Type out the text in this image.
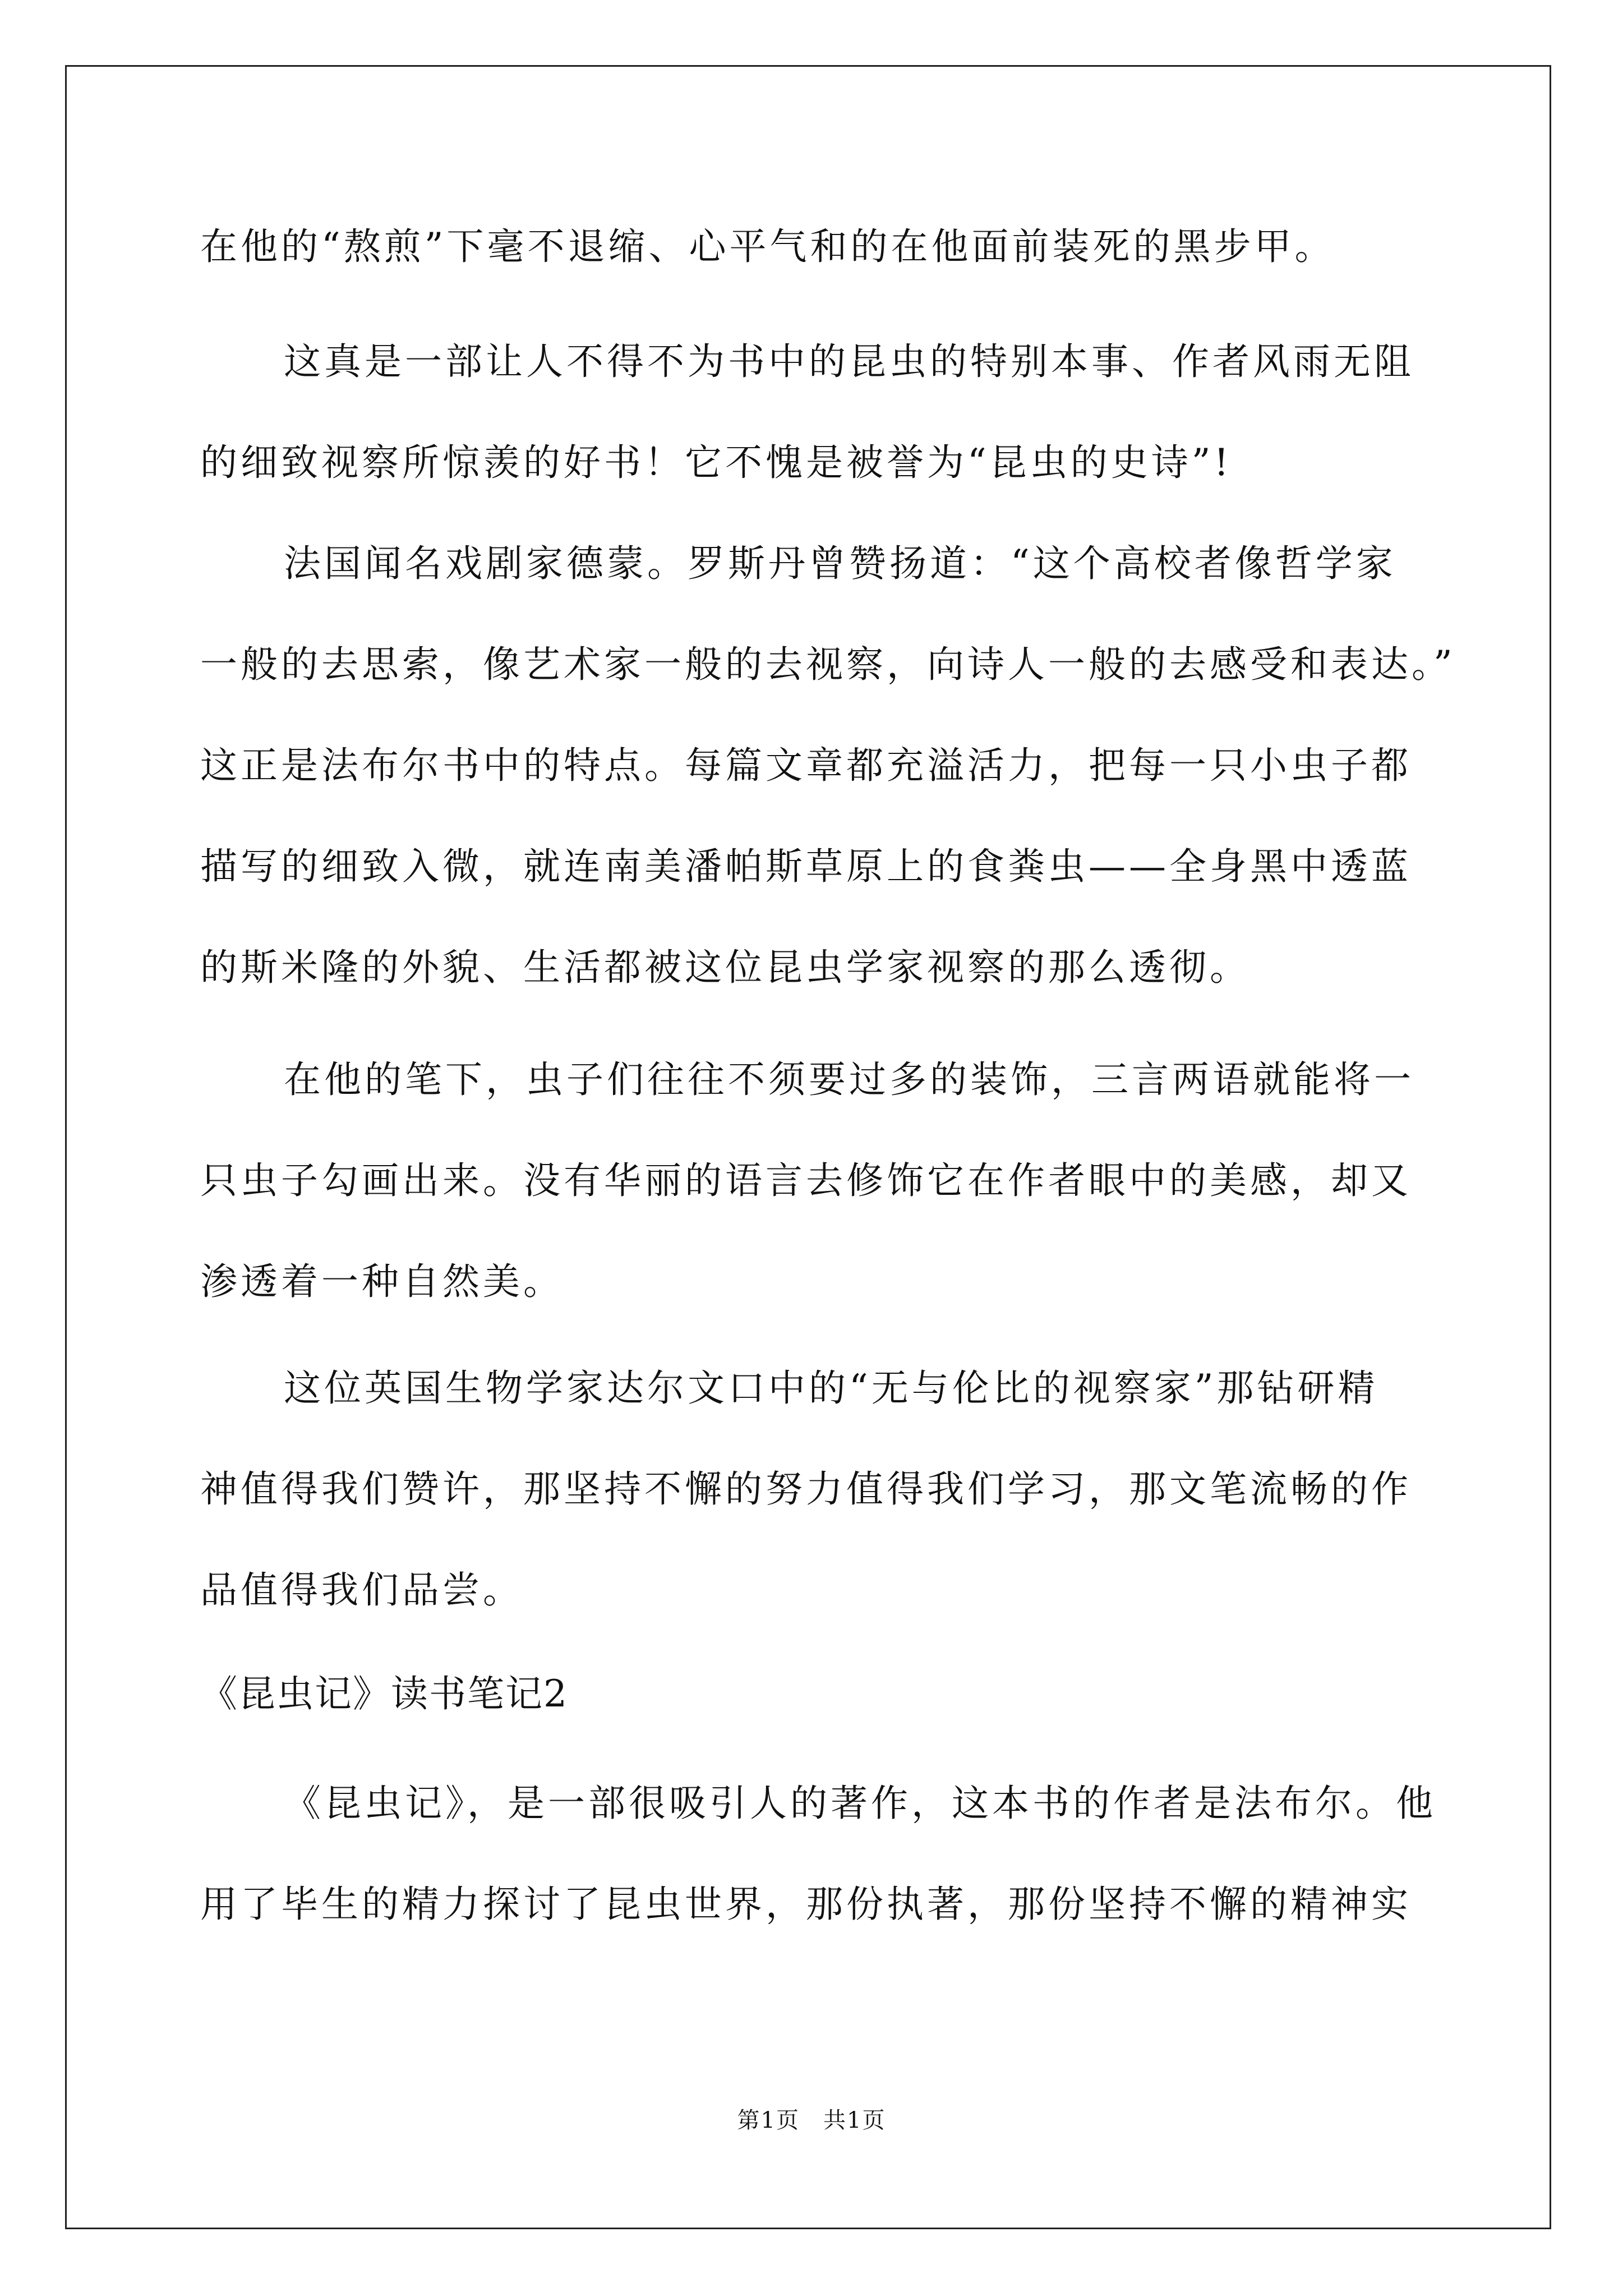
在他的“熬煎”下毫不退缩、心平气和的在他面前装死的黑步甲。
这真是一部让人不得不为书中的昆虫的特别本事、作者风雨无阻
的细致视察所惊羡的好书！它不愧是被誉为“昆虫的史诗”!
法国闻名戏剧家德蒙。罗斯丹曾赞扬道：“这个高校者像哲学家
一般的去思索，像艺术家一般的去视察，向诗人一般的去感受和表达。”
这正是法布尔书中的特点。每篇文章都充溢活力，把每一只小虫子都
描写的细致入微，就连南美潘帕斯草原上的食粪虫——全身黑中透蓝
的斯米隆的外貌、生活都被这位昆虫学家视察的那么透彻。
在他的笔下，虫子们往往不须要过多的装饰，三言两语就能将一
只虫子勾画出来。没有华丽的语言去修饰它在作者眼中的美感，却又
渗透着一种自然美。
这位英国生物学家达尔文口中的“无与伦比的视察家”那钻研精
神值得我们赞许，那坚持不懈的努力值得我们学习，那文笔流畅的作
品值得我们品尝。
《昆虫记》读书笔记2
《昆虫记》，是一部很吸引人的著作，这本书的作者是法布尔。他
用了毕生的精力探讨了昆虫世界，那份执著，那份坚持不懈的精神实
第1页　共1页
